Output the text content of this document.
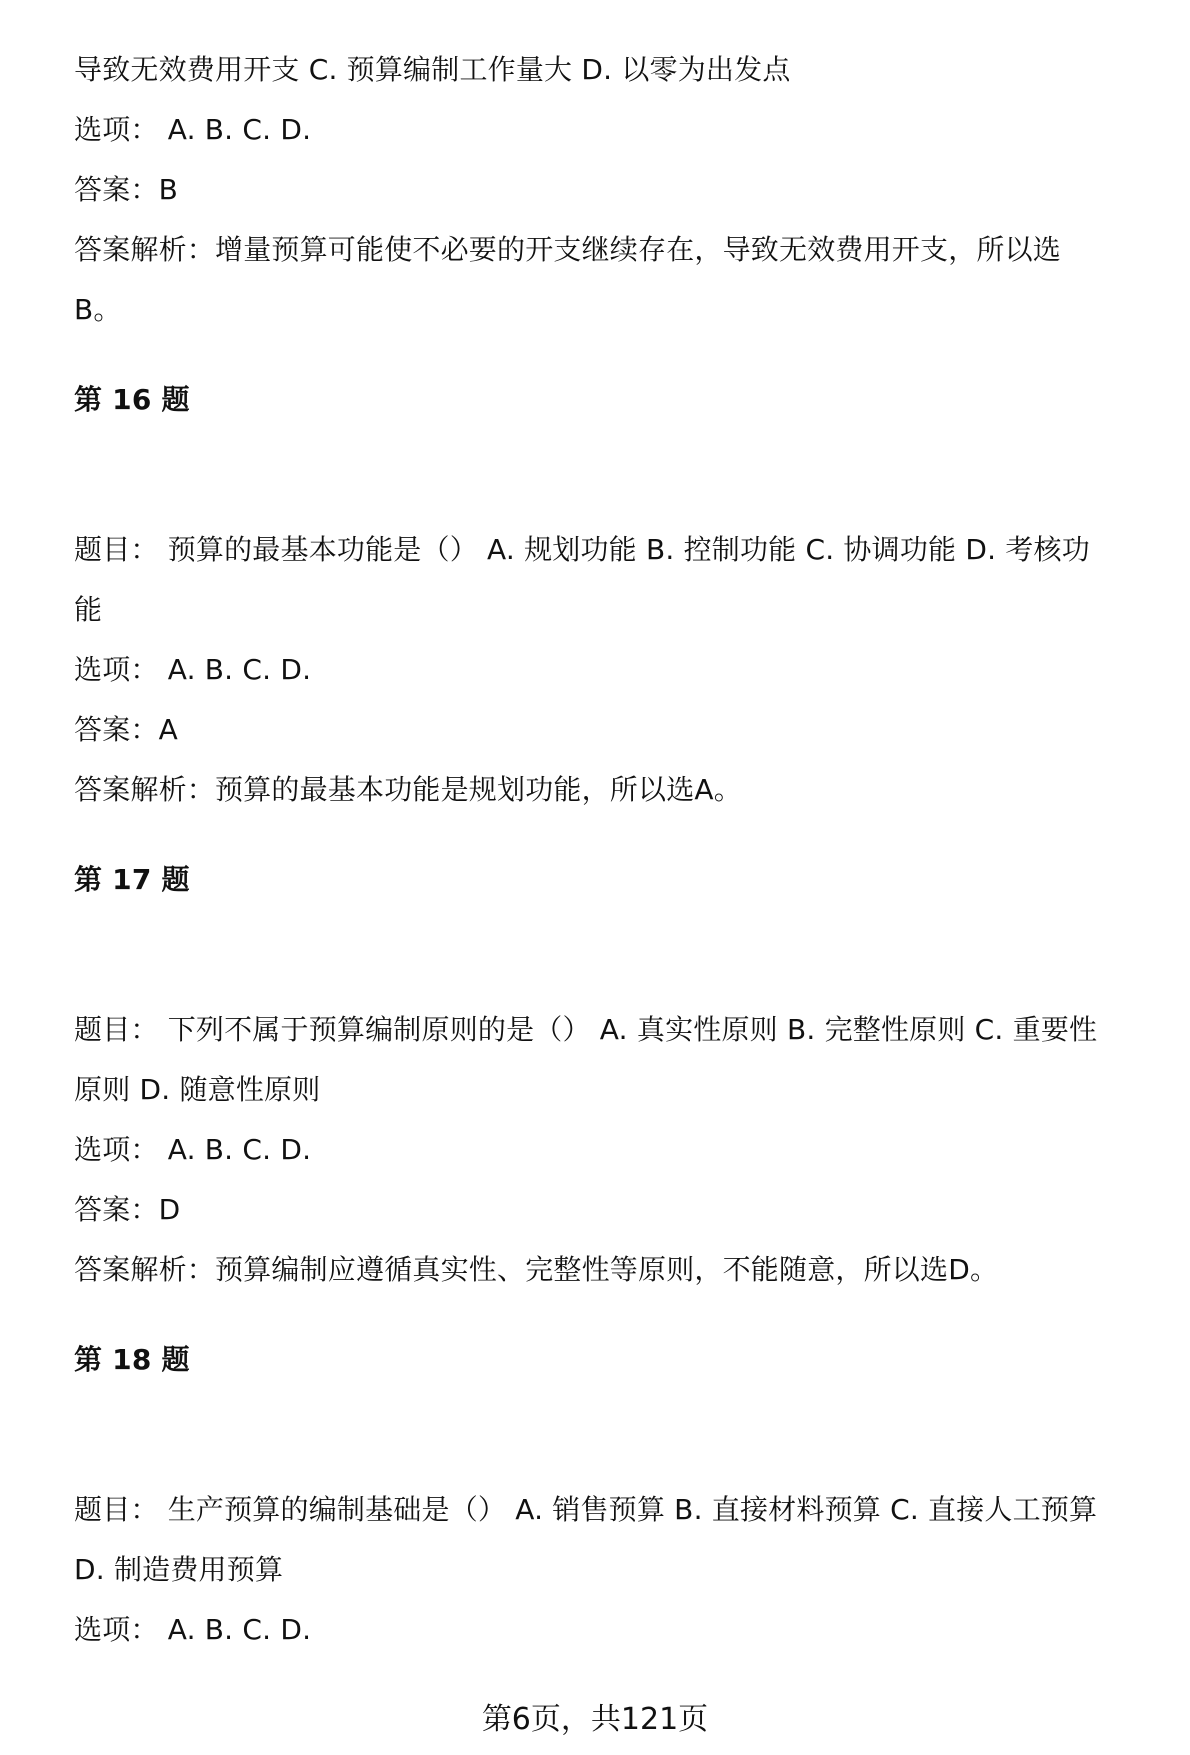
导致无效费用开支 C. 预算编制工作量大 D. 以零为出发点
选项： A. B. C. D.
答案：B
答案解析：增量预算可能使不必要的开支继续存在，导致无效费用开支，所以选
B。
第 16 题
题目： 预算的最基本功能是（） A. 规划功能 B. 控制功能 C. 协调功能 D. 考核功
能
选项： A. B. C. D.
答案：A
答案解析：预算的最基本功能是规划功能，所以选A。
第 17 题
题目： 下列不属于预算编制原则的是（） A. 真实性原则 B. 完整性原则 C. 重要性
原则 D. 随意性原则
选项： A. B. C. D.
答案：D
答案解析：预算编制应遵循真实性、完整性等原则，不能随意，所以选D。
第 18 题
题目： 生产预算的编制基础是（） A. 销售预算 B. 直接材料预算 C. 直接人工预算
D. 制造费用预算
选项： A. B. C. D.
第6页，共121页
